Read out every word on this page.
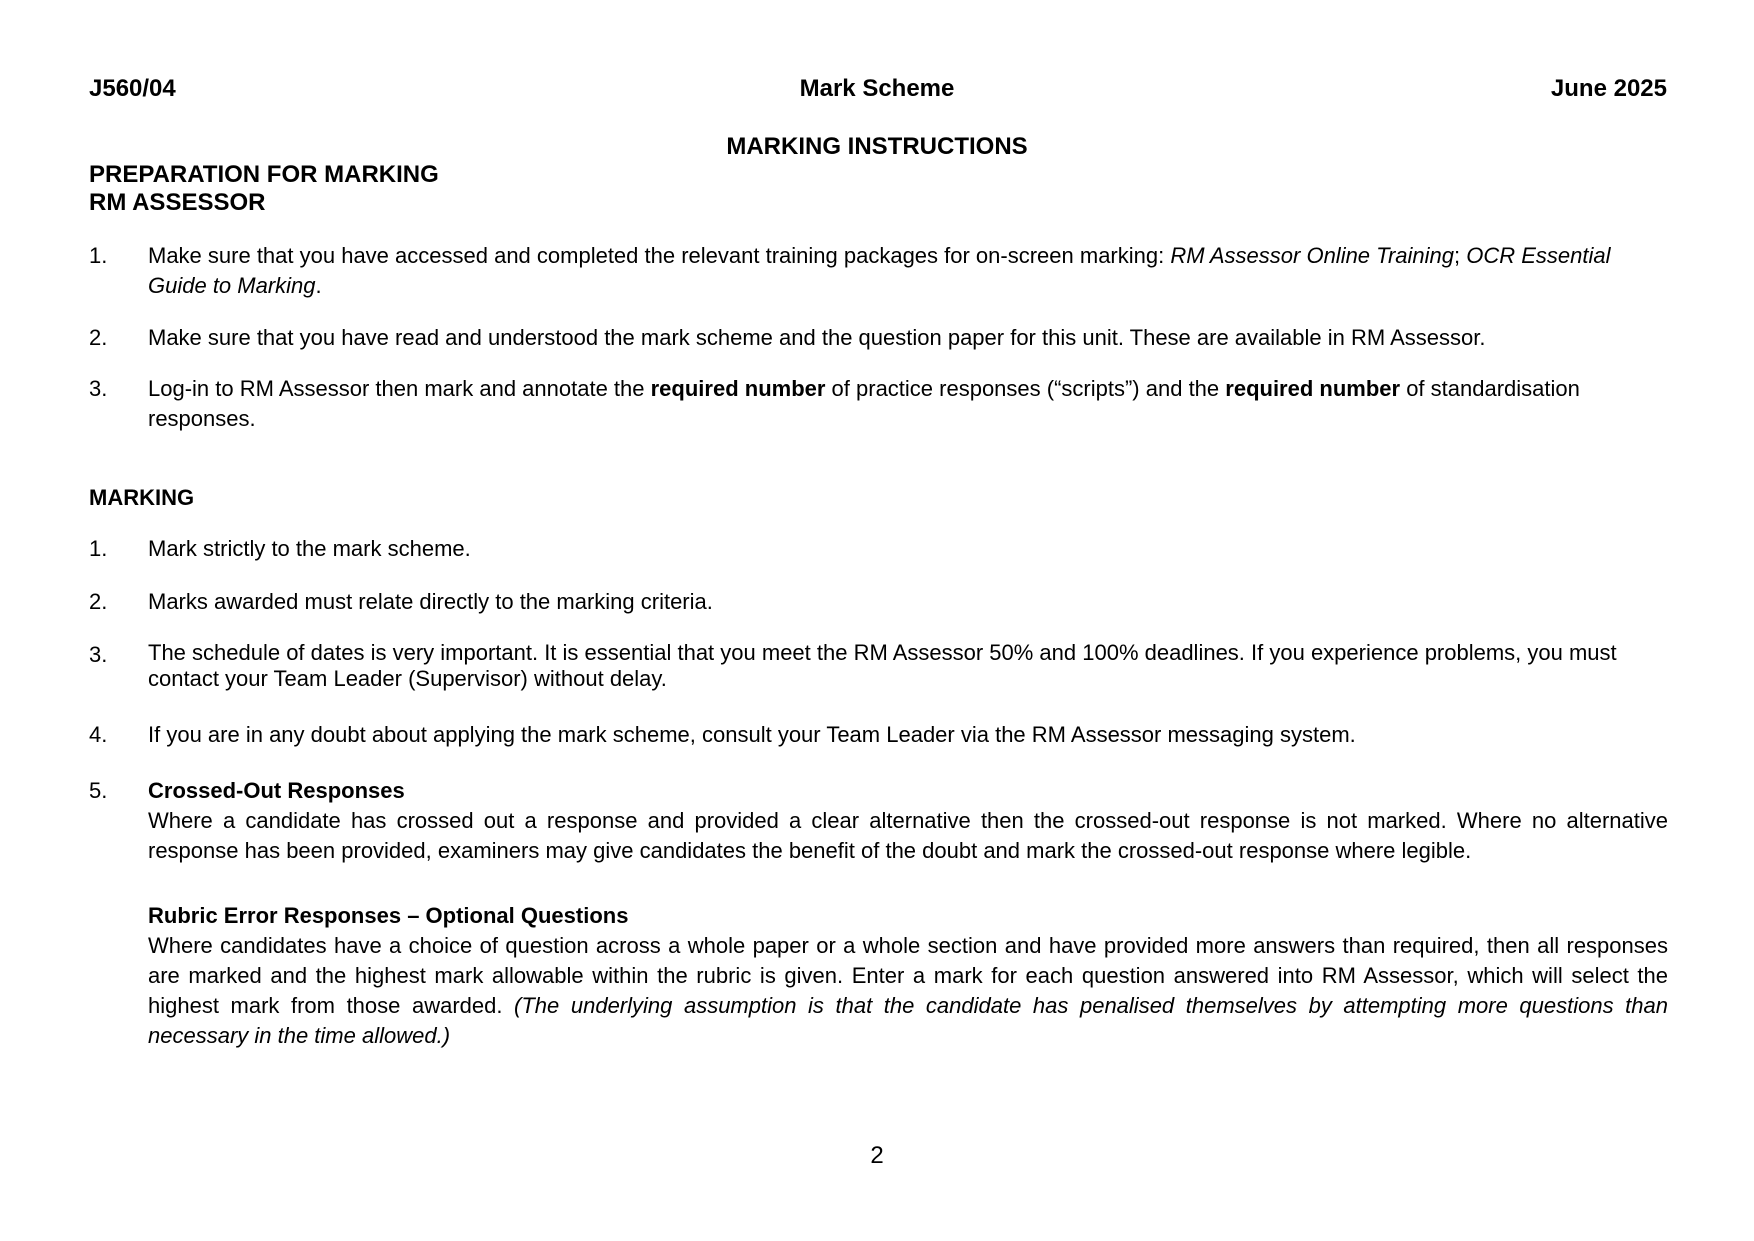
J560/04	Mark Scheme	June 2025
MARKING INSTRUCTIONS
PREPARATION FOR MARKING
RM ASSESSOR
1. Make sure that you have accessed and completed the relevant training packages for on-screen marking: RM Assessor Online Training; OCR Essential Guide to Marking.
2. Make sure that you have read and understood the mark scheme and the question paper for this unit. These are available in RM Assessor.
3. Log-in to RM Assessor then mark and annotate the required number of practice responses (“scripts”) and the required number of standardisation responses.
MARKING
1. Mark strictly to the mark scheme.
2. Marks awarded must relate directly to the marking criteria.
3. The schedule of dates is very important. It is essential that you meet the RM Assessor 50% and 100% deadlines. If you experience problems, you must contact your Team Leader (Supervisor) without delay.
4. If you are in any doubt about applying the mark scheme, consult your Team Leader via the RM Assessor messaging system.
5. Crossed-Out Responses
Where a candidate has crossed out a response and provided a clear alternative then the crossed-out response is not marked. Where no alternative response has been provided, examiners may give candidates the benefit of the doubt and mark the crossed-out response where legible.
Rubric Error Responses – Optional Questions
Where candidates have a choice of question across a whole paper or a whole section and have provided more answers than required, then all responses are marked and the highest mark allowable within the rubric is given. Enter a mark for each question answered into RM Assessor, which will select the highest mark from those awarded. (The underlying assumption is that the candidate has penalised themselves by attempting more questions than necessary in the time allowed.)
2
